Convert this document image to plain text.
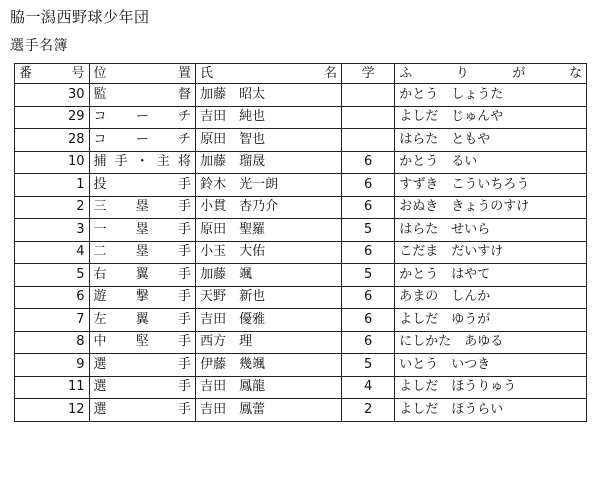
脇一潟西野球少年団
選手名簿
番　号	位　置	氏　名	学	ふりがな
30	監　督	加藤　昭太		かとう　しょうた
29	コーチ	吉田　純也		よしだ　じゅんや
28	コーチ	原田　智也		はらた　ともや
10	捕手・主将	加藤　瑠晟	6	かとう　るい
1	投　手	鈴木　光一朗	6	すずき　こういちろう
2	三塁手	小貫　杏乃介	6	おぬき　きょうのすけ
3	一塁手	原田　聖羅	5	はらた　せいら
4	二塁手	小玉　大佑	6	こだま　だいすけ
5	右翼手	加藤　颯	5	かとう　はやて
6	遊撃手	天野　新也	6	あまの　しんか
7	左翼手	吉田　優雅	6	よしだ　ゆうが
8	中堅手	西方　理	6	にしかた　あゆる
9	選　手	伊藤　幾颯	5	いとう　いつき
11	選　手	吉田　鳳龍	4	よしだ　ほうりゅう
12	選　手	吉田　鳳蕾	2	よしだ　ほうらい
